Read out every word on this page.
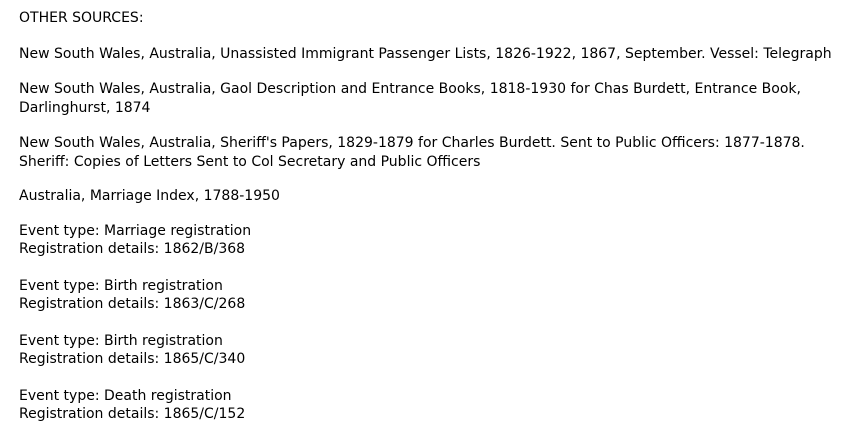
OTHER SOURCES:

New South Wales, Australia, Unassisted Immigrant Passenger Lists, 1826-1922, 1867, September. Vessel: Telegraph

New South Wales, Australia, Gaol Description and Entrance Books, 1818-1930 for Chas Burdett, Entrance Book, Darlinghurst, 1874

New South Wales, Australia, Sheriff's Papers, 1829-1879 for Charles Burdett. Sent to Public Officers: 1877-1878. Sheriff: Copies of Letters Sent to Col Secretary and Public Officers

Australia, Marriage Index, 1788-1950

Event type: Marriage registration
Registration details: 1862/B/368
Event type: Birth registration
Registration details: 1863/C/268
Event type: Birth registration
Registration details: 1865/C/340
Event type: Death registration
Registration details: 1865/C/152
